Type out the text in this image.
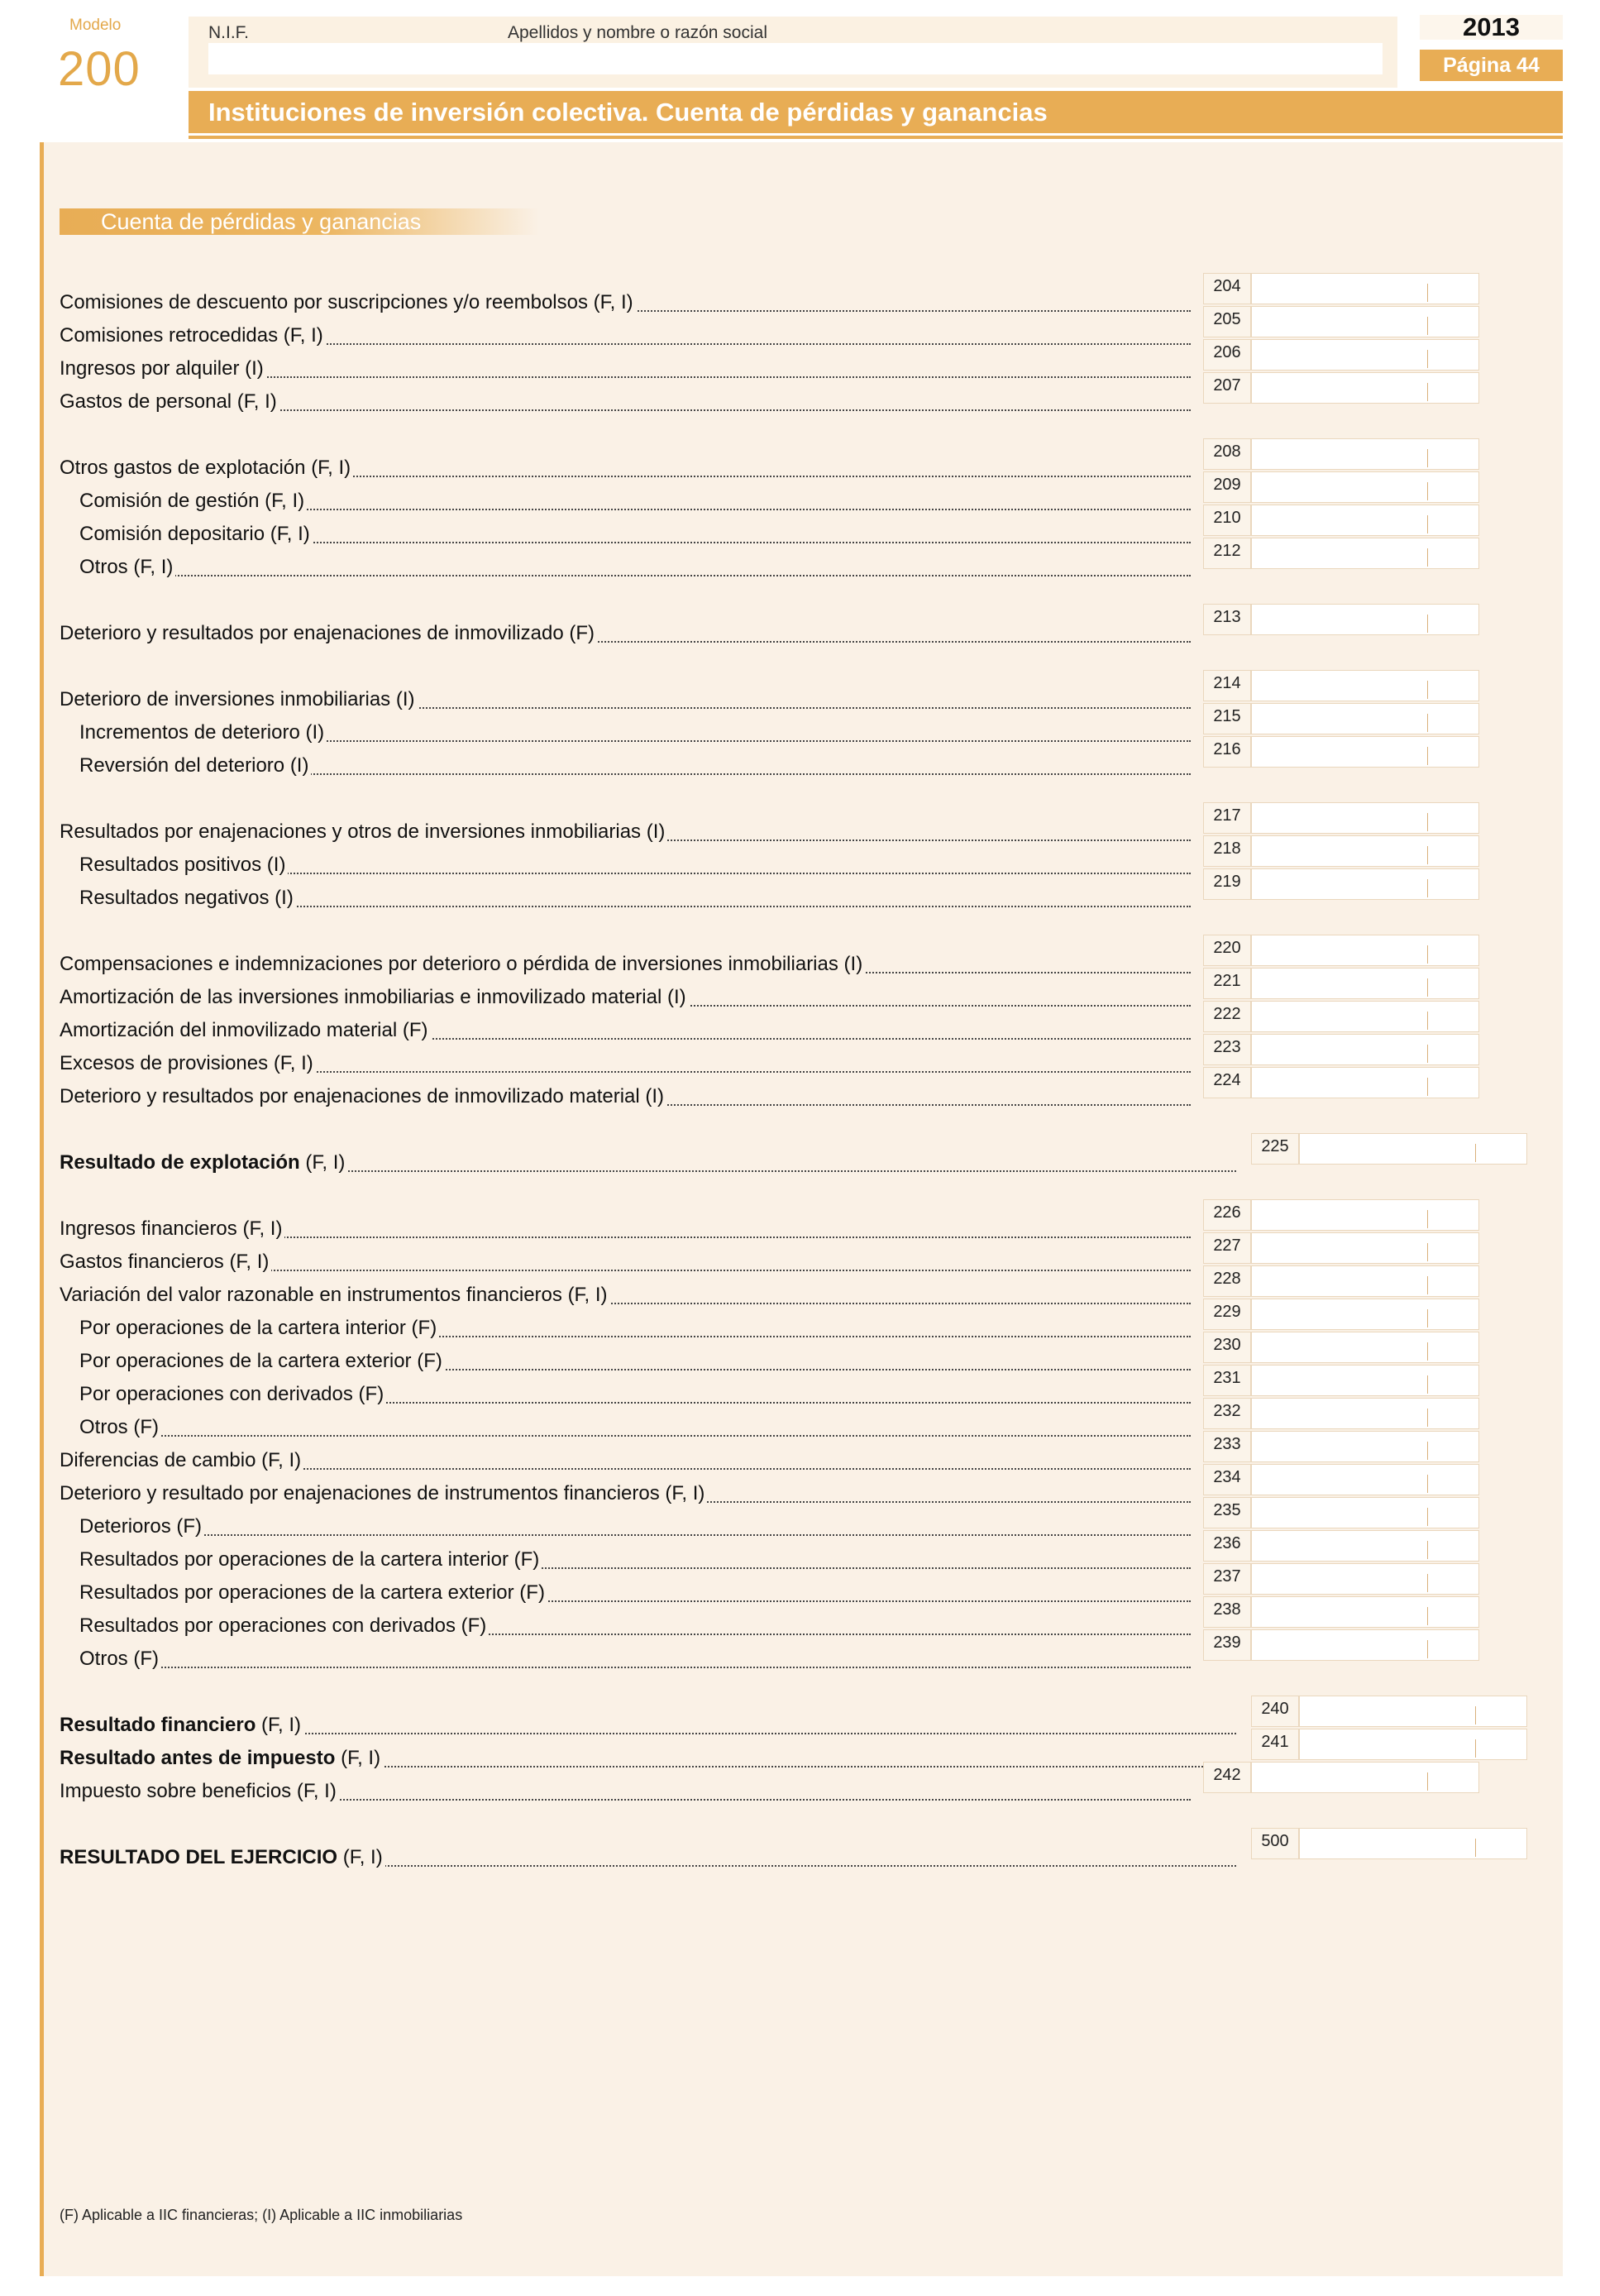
Modelo
200
N.I.F.	Apellidos y nombre o razón social	2013
Página 44
Instituciones de inversión colectiva. Cuenta de pérdidas y ganancias
Cuenta de pérdidas y ganancias
Comisiones de descuento por suscripciones y/o reembolsos (F, I)
204
Comisiones retrocedidas (F, I)
205
Ingresos por alquiler (I)
206
Gastos de personal (F, I)
207
Otros gastos de explotación (F, I)
208
Comisión de gestión (F, I)
209
Comisión depositario (F, I)
210
Otros (F, I)
212
Deterioro y resultados por enajenaciones de inmovilizado (F)
213
Deterioro de inversiones inmobiliarias (I)
214
Incrementos de deterioro (I)
215
Reversión del deterioro (I)
216
Resultados por enajenaciones y otros de inversiones inmobiliarias (I)
217
Resultados positivos (I)
218
Resultados negativos (I)
219
Compensaciones e indemnizaciones por deterioro o pérdida de inversiones inmobiliarias (I)
220
Amortización de las inversiones inmobiliarias e inmovilizado material (I)
221
Amortización del inmovilizado material (F)
222
Excesos de provisiones (F, I)
223
Deterioro y resultados por enajenaciones de inmovilizado material (I)
224
Resultado de explotación (F, I)
225
Ingresos financieros (F, I)
226
Gastos financieros (F, I)
227
Variación del valor razonable en instrumentos financieros (F, I)
228
Por operaciones de la cartera interior (F)
229
Por operaciones de la cartera exterior (F)
230
Por operaciones con derivados (F)
231
Otros (F)
232
Diferencias de cambio (F, I)
233
Deterioro y resultado por enajenaciones de instrumentos financieros (F, I)
234
Deterioros (F)
235
Resultados por operaciones de la cartera interior (F)
236
Resultados por operaciones de la cartera exterior (F)
237
Resultados por operaciones con derivados (F)
238
Otros (F)
239
Resultado financiero (F, I)
240
Resultado antes de impuesto (F, I)
241
Impuesto sobre beneficios (F, I)
242
RESULTADO DEL EJERCICIO (F, I)
500
(F) Aplicable a IIC financieras; (I) Aplicable a IIC inmobiliarias
